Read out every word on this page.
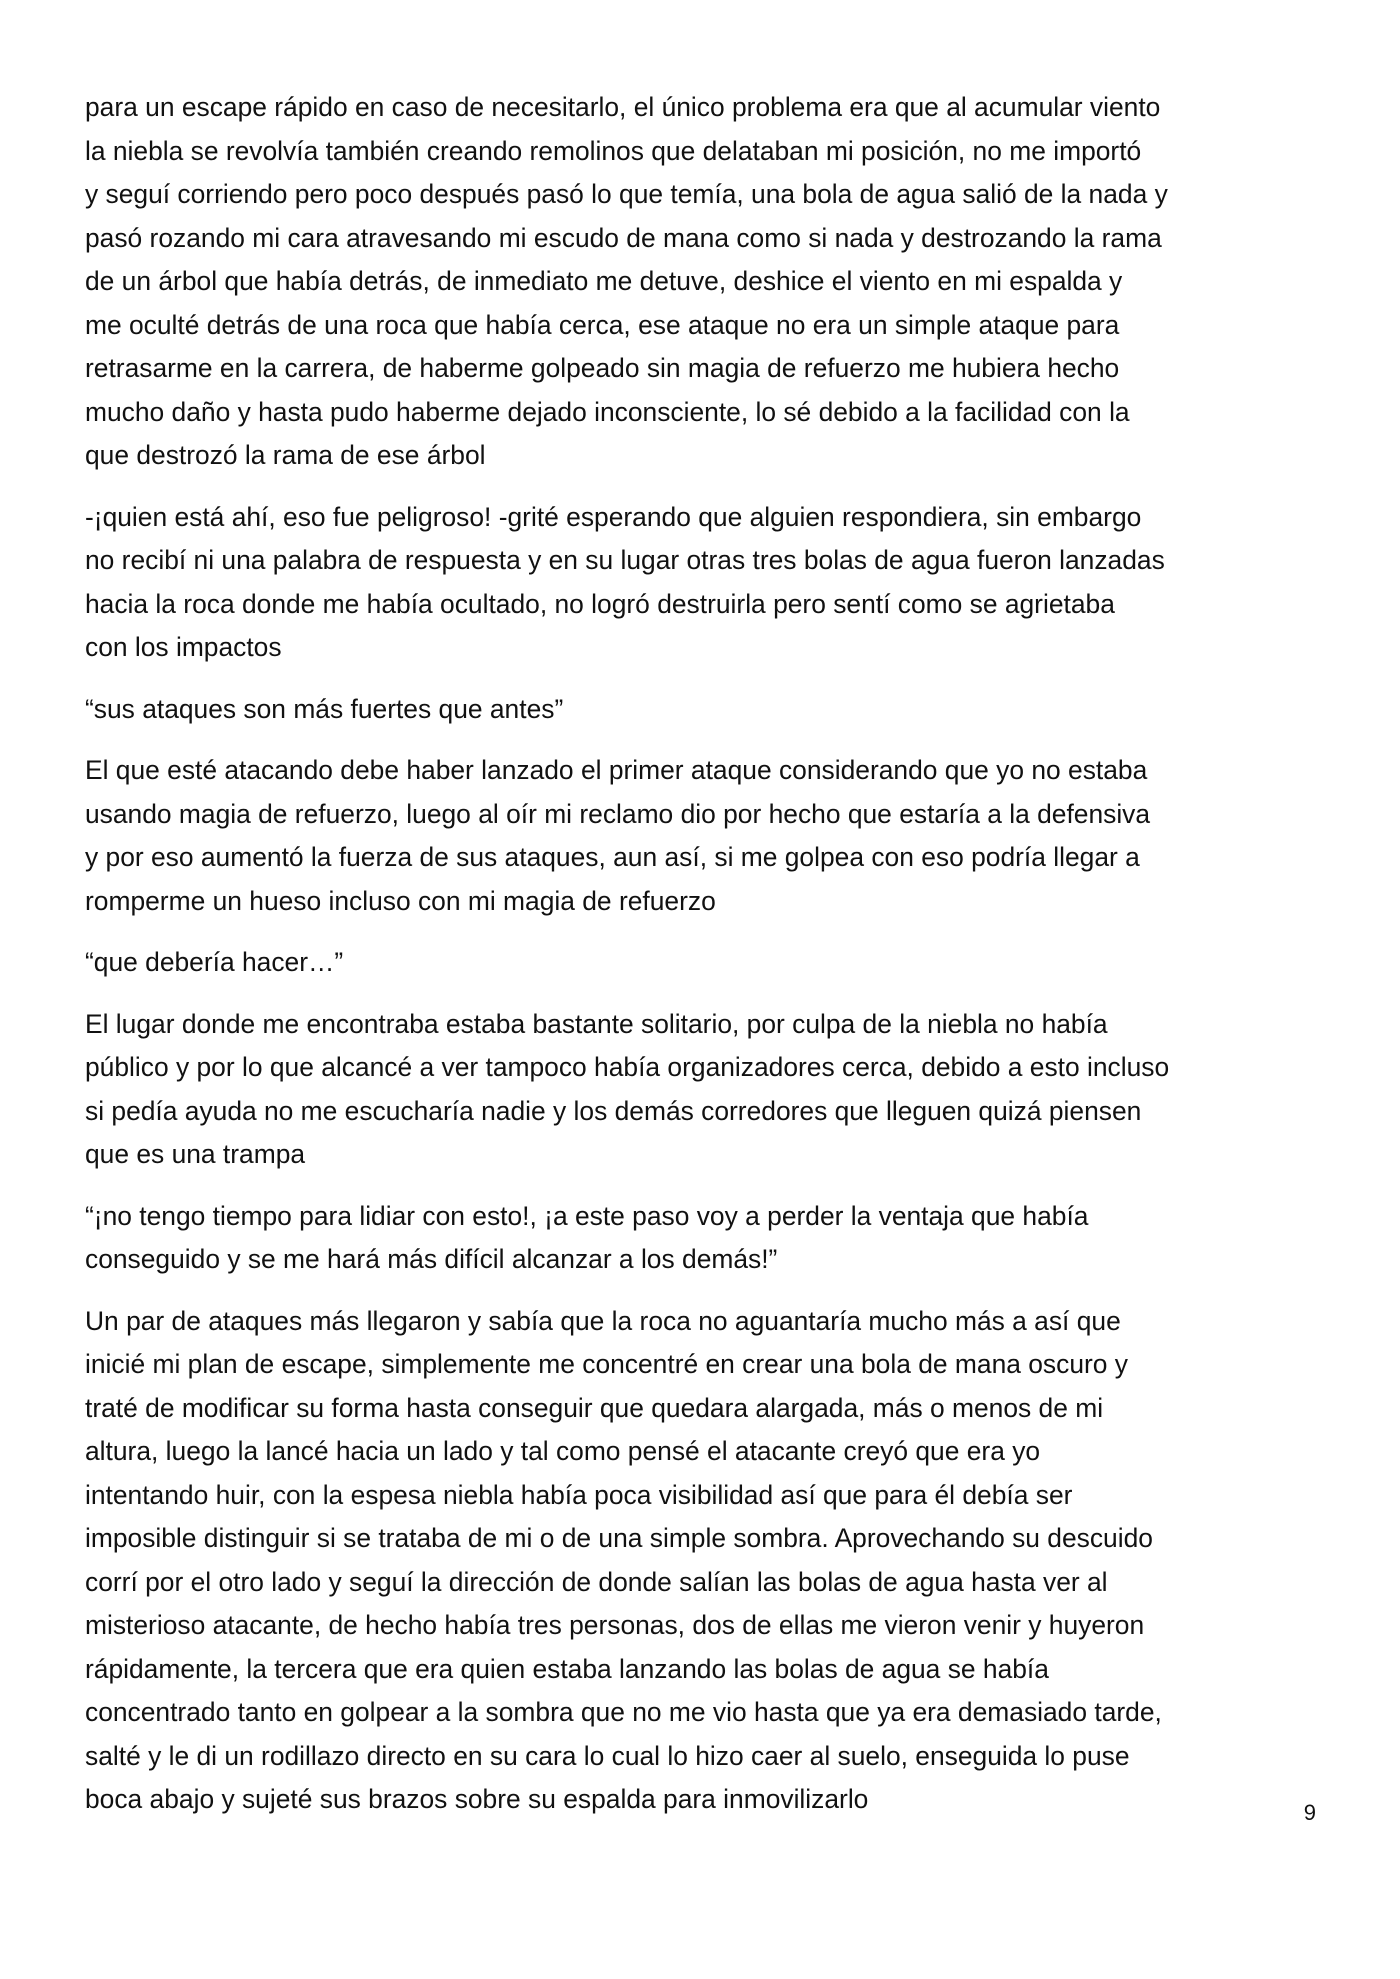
para un escape rápido en caso de necesitarlo, el único problema era que al acumular viento
la niebla se revolvía también creando remolinos que delataban mi posición, no me importó
y seguí corriendo pero poco después pasó lo que temía, una bola de agua salió de la nada y
pasó rozando mi cara atravesando mi escudo de mana como si nada y destrozando la rama
de un árbol que había detrás, de inmediato me detuve, deshice el viento en mi espalda y
me oculté detrás de una roca que había cerca, ese ataque no era un simple ataque para
retrasarme en la carrera, de haberme golpeado sin magia de refuerzo me hubiera hecho
mucho daño y hasta pudo haberme dejado inconsciente, lo sé debido a la facilidad con la
que destrozó la rama de ese árbol

-¡quien está ahí, eso fue peligroso! -grité esperando que alguien respondiera, sin embargo
no recibí ni una palabra de respuesta y en su lugar otras tres bolas de agua fueron lanzadas
hacia la roca donde me había ocultado, no logró destruirla pero sentí como se agrietaba
con los impactos

“sus ataques son más fuertes que antes”

El que esté atacando debe haber lanzado el primer ataque considerando que yo no estaba
usando magia de refuerzo, luego al oír mi reclamo dio por hecho que estaría a la defensiva
y por eso aumentó la fuerza de sus ataques, aun así, si me golpea con eso podría llegar a
romperme un hueso incluso con mi magia de refuerzo

“que debería hacer…”

El lugar donde me encontraba estaba bastante solitario, por culpa de la niebla no había
público y por lo que alcancé a ver tampoco había organizadores cerca, debido a esto incluso
si pedía ayuda no me escucharía nadie y los demás corredores que lleguen quizá piensen
que es una trampa

“¡no tengo tiempo para lidiar con esto!, ¡a este paso voy a perder la ventaja que había
conseguido y se me hará más difícil alcanzar a los demás!”

Un par de ataques más llegaron y sabía que la roca no aguantaría mucho más a así que
inicié mi plan de escape, simplemente me concentré en crear una bola de mana oscuro y
traté de modificar su forma hasta conseguir que quedara alargada, más o menos de mi
altura, luego la lancé hacia un lado y tal como pensé el atacante creyó que era yo
intentando huir, con la espesa niebla había poca visibilidad así que para él debía ser
imposible distinguir si se trataba de mi o de una simple sombra. Aprovechando su descuido
corrí por el otro lado y seguí la dirección de donde salían las bolas de agua hasta ver al
misterioso atacante, de hecho había tres personas, dos de ellas me vieron venir y huyeron
rápidamente, la tercera que era quien estaba lanzando las bolas de agua se había
concentrado tanto en golpear a la sombra que no me vio hasta que ya era demasiado tarde,
salté y le di un rodillazo directo en su cara lo cual lo hizo caer al suelo, enseguida lo puse
boca abajo y sujeté sus brazos sobre su espalda para inmovilizarlo	9
